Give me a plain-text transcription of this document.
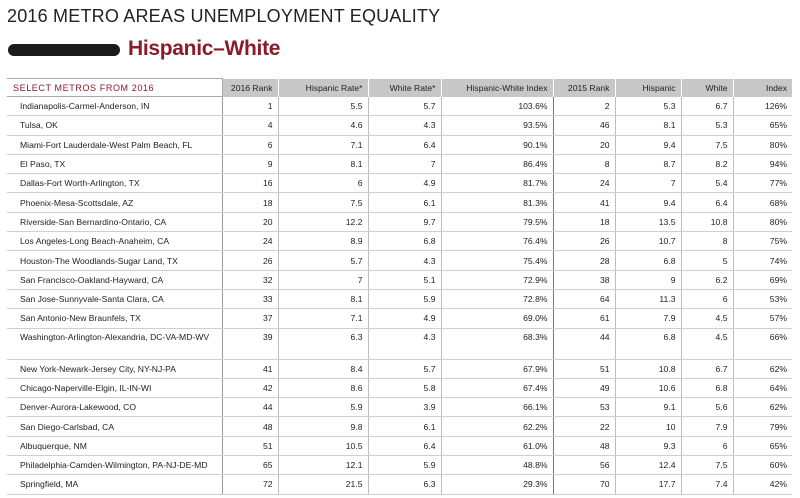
2016 METRO AREAS UNEMPLOYMENT EQUALITY
Hispanic–White
SELECT METROS FROM 2016	2016 Rank	Hispanic Rate*	White Rate*	Hispanic-White Index	2015 Rank	Hispanic	White	Index
Indianapolis-Carmel-Anderson, IN	1	5.5	5.7	103.6%	2	5.3	6.7	126%
Tulsa, OK	4	4.6	4.3	93.5%	46	8.1	5.3	65%
Miami-Fort Lauderdale-West Palm Beach, FL	6	7.1	6.4	90.1%	20	9.4	7.5	80%
El Paso, TX	9	8.1	7	86.4%	8	8.7	8.2	94%
Dallas-Fort Worth-Arlington, TX	16	6	4.9	81.7%	24	7	5.4	77%
Phoenix-Mesa-Scottsdale, AZ	18	7.5	6.1	81.3%	41	9.4	6.4	68%
Riverside-San Bernardino-Ontario, CA	20	12.2	9.7	79.5%	18	13.5	10.8	80%
Los Angeles-Long Beach-Anaheim, CA	24	8.9	6.8	76.4%	26	10.7	8	75%
Houston-The Woodlands-Sugar Land, TX	26	5.7	4.3	75.4%	28	6.8	5	74%
San Francisco-Oakland-Hayward, CA	32	7	5.1	72.9%	38	9	6.2	69%
San Jose-Sunnyvale-Santa Clara, CA	33	8.1	5.9	72.8%	64	11.3	6	53%
San Antonio-New Braunfels, TX	37	7.1	4.9	69.0%	61	7.9	4.5	57%
Washington-Arlington-Alexandria, DC-VA-MD-WV	39	6.3	4.3	68.3%	44	6.8	4.5	66%
New York-Newark-Jersey City, NY-NJ-PA	41	8.4	5.7	67.9%	51	10.8	6.7	62%
Chicago-Naperville-Elgin, IL-IN-WI	42	8.6	5.8	67.4%	49	10.6	6.8	64%
Denver-Aurora-Lakewood, CO	44	5.9	3.9	66.1%	53	9.1	5.6	62%
San Diego-Carlsbad, CA	48	9.8	6.1	62.2%	22	10	7.9	79%
Albuquerque, NM	51	10.5	6.4	61.0%	48	9.3	6	65%
Philadelphia-Camden-Wilmington, PA-NJ-DE-MD	65	12.1	5.9	48.8%	56	12.4	7.5	60%
Springfield, MA	72	21.5	6.3	29.3%	70	17.7	7.4	42%
